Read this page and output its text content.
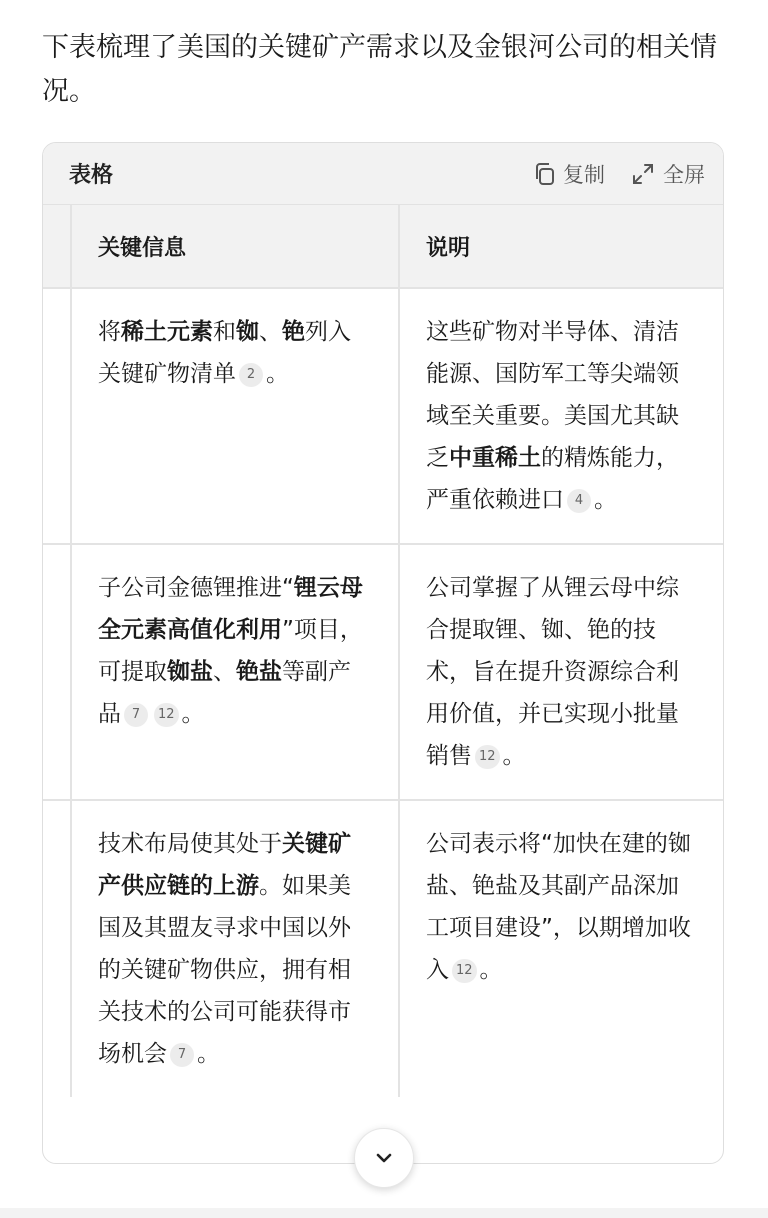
下表梳理了美国的关键矿产需求以及金银河公司的相关情况。

表格	复制	全屏
	关键信息	说明
	将稀土元素和铷、铯列入关键矿物清单 2 。	这些矿物对半导体、清洁能源、国防军工等尖端领域至关重要。美国尤其缺乏中重稀土的精炼能力，严重依赖进口 4 。
	子公司金德锂推进“锂云母全元素高值化利用”项目，可提取铷盐、铯盐等副产品 7 12 。	公司掌握了从锂云母中综合提取锂、铷、铯的技术，旨在提升资源综合利用价值，并已实现小批量销售 12 。
	技术布局使其处于关键矿产供应链的上游。如果美国及其盟友寻求中国以外的关键矿物供应，拥有相关技术的公司可能获得市场机会 7 。	公司表示将“加快在建的铷盐、铯盐及其副产品深加工项目建设”，以期增加收入 12 。
